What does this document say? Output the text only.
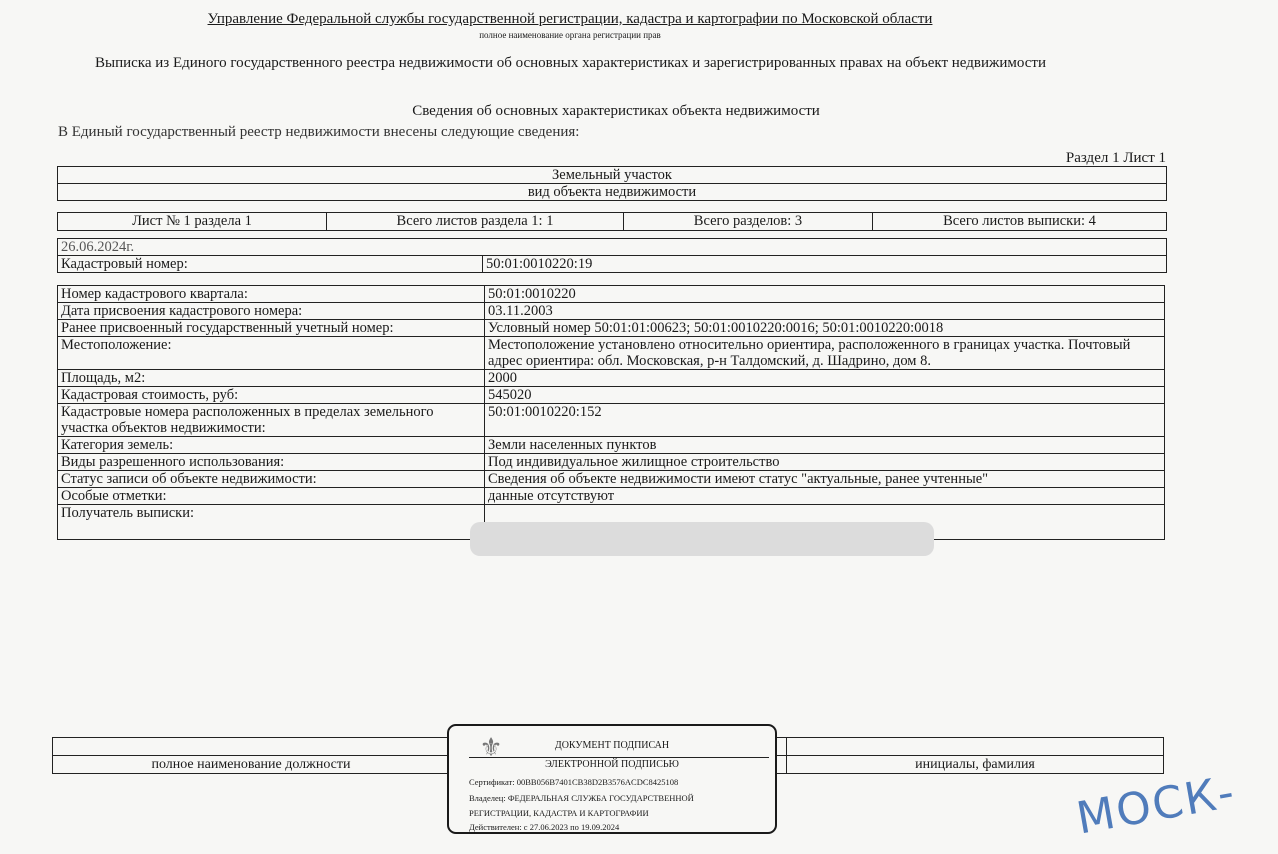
Управление Федеральной службы государственной регистрации, кадастра и картографии по Московской области
полное наименование органа регистрации прав
Выписка из Единого государственного реестра недвижимости об основных характеристиках и зарегистрированных правах на объект недвижимости
Сведения об основных характеристиках объекта недвижимости
В Единый государственный реестр недвижимости внесены следующие сведения:
Раздел 1 Лист 1
Земельный участок
вид объекта недвижимости
Лист № 1 раздела 1	Всего листов раздела 1: 1	Всего разделов: 3	Всего листов выписки: 4
26.06.2024г.
Кадастровый номер:	50:01:0010220:19
Номер кадастрового квартала:	50:01:0010220
Дата присвоения кадастрового номера:	03.11.2003
Ранее присвоенный государственный учетный номер:	Условный номер 50:01:01:00623; 50:01:0010220:0016; 50:01:0010220:0018
Местоположение:	Местоположение установлено относительно ориентира, расположенного в границах участка. Почтовый адрес ориентира: обл. Московская, р-н Талдомский, д. Шадрино, дом 8.
Площадь, м2:	2000
Кадастровая стоимость, руб:	545020
Кадастровые номера расположенных в пределах земельного участка объектов недвижимости:	50:01:0010220:152
Категория земель:	Земли населенных пунктов
Виды разрешенного использования:	Под индивидуальное жилищное строительство
Статус записи об объекте недвижимости:	Сведения об объекте недвижимости имеют статус "актуальные, ранее учтенные"
Особые отметки:	данные отсутствуют
Получатель выписки:	

полное наименование должности		инициалы, фамилия
⚜	ДОКУМЕНТ ПОДПИСАН
ЭЛЕКТРОННОЙ ПОДПИСЬЮ
Сертификат: 00BB056B7401CB38D2B3576ACDC8425108
Владелец: ФЕДЕРАЛЬНАЯ СЛУЖБА ГОСУДАРСТВЕННОЙ
РЕГИСТРАЦИИ, КАДАСТРА И КАРТОГРАФИИ
Действителен: с 27.06.2023 по 19.09.2024	МОСК-
